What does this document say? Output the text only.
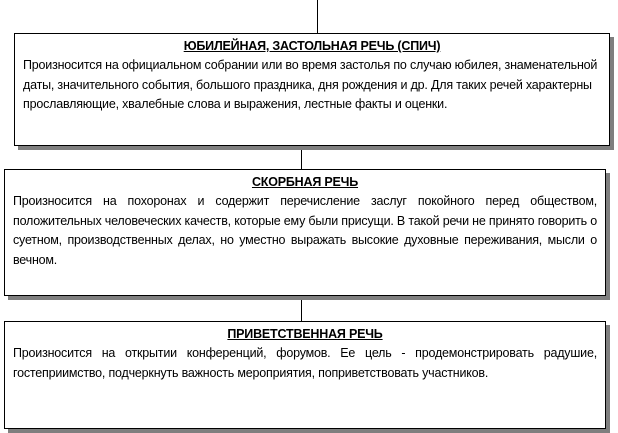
ЮБИЛЕЙНАЯ, ЗАСТОЛЬНАЯ РЕЧЬ (СПИЧ)

Произносится на официальном собрании или во время застолья по случаю юбилея, знаменательной даты, значительного события, большого праздника, дня рождения и др. Для таких речей характерны прославляющие, хвалебные слова и выражения, лестные факты и оценки.

СКОРБНАЯ РЕЧЬ

Произносится на похоронах и содержит перечисление заслуг покойного перед обществом, положительных человеческих качеств, которые ему были присущи. В такой речи не принято говорить о суетном, производственных делах, но уместно выражать высокие духовные переживания, мысли о вечном.

ПРИВЕТСТВЕННАЯ РЕЧЬ

Произносится на открытии конференций, форумов. Ее цель - продемонстрировать радушие, гостеприимство, подчеркнуть важность мероприятия, поприветствовать участников.
